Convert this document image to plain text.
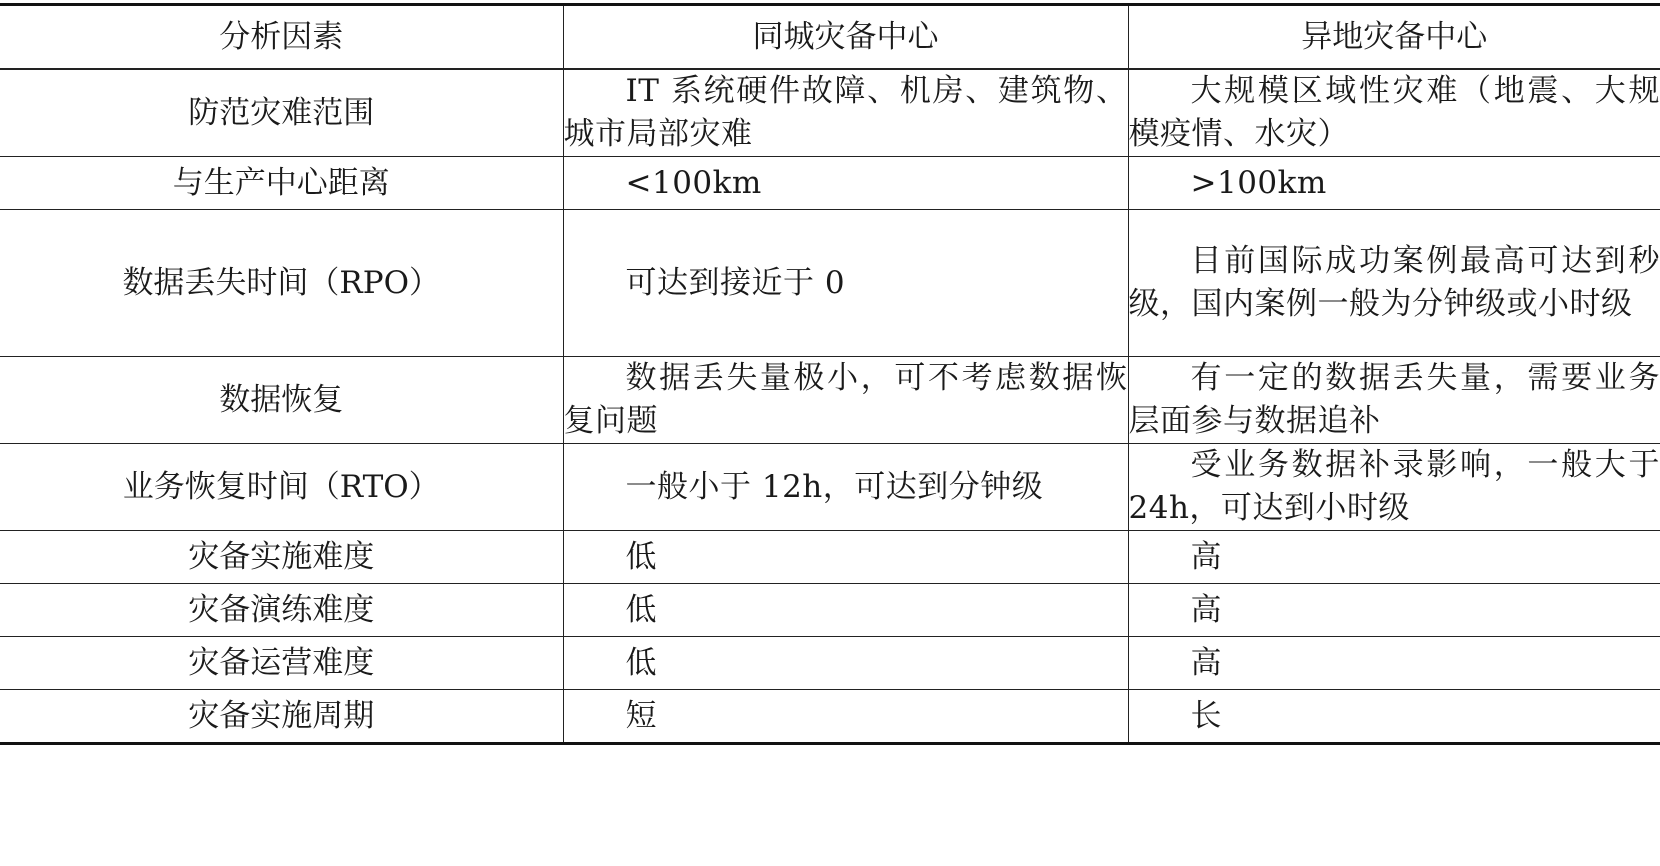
分析因素	同城灾备中心	异地灾备中心
防范灾难范围	IT 系统硬件故障、机房、建筑物、城市局部灾难	大规模区域性灾难（地震、大规模疫情、水灾）

与生产中心距离	<100km	>100km

数据丢失时间（RPO）	可达到接近于 0	目前国际成功案例最高可达到秒级，国内案例一般为分钟级或小时级

数据恢复	数据丢失量极小，可不考虑数据恢复问题	有一定的数据丢失量，需要业务层面参与数据追补

业务恢复时间（RTO）	一般小于 12h，可达到分钟级	受业务数据补录影响，一般大于 24h，可达到小时级

灾备实施难度	低	高

灾备演练难度	低	高

灾备运营难度	低	高

灾备实施周期	短	长
